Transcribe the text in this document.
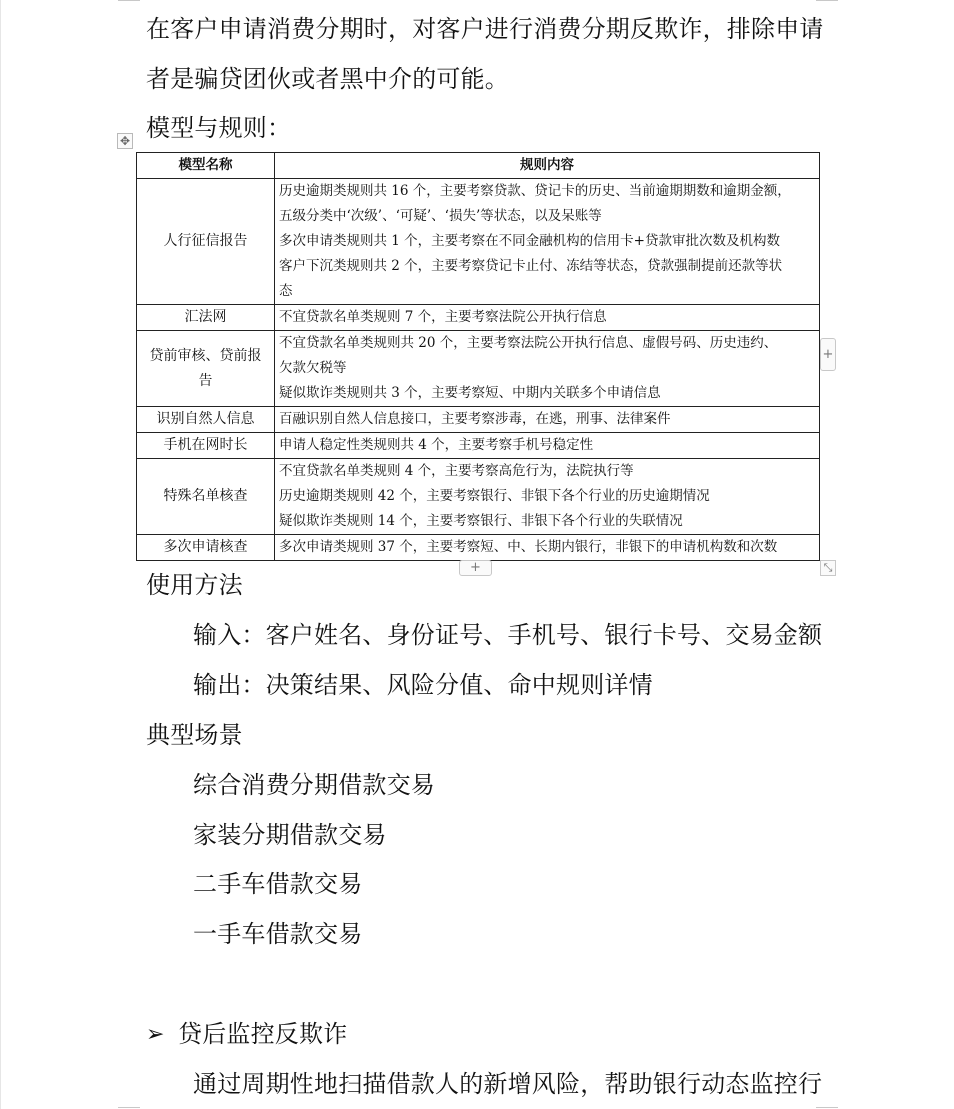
在客户申请消费分期时，对客户进行消费分期反欺诈，排除申请

者是骗贷团伙或者黑中介的可能。

模型与规则：

✥
模型名称	规则内容
人行征信报告	历史逾期类规则共 16 个，主要考察贷款、贷记卡的历史、当前逾期期数和逾期金额，
五级分类中‘次级’、‘可疑’、‘损失’等状态，以及呆账等
多次申请类规则共 1 个，主要考察在不同金融机构的信用卡+贷款审批次数及机构数
客户下沉类规则共 2 个，主要考察贷记卡止付、冻结等状态，贷款强制提前还款等状
态

汇法网	不宜贷款名单类规则 7 个，主要考察法院公开执行信息

贷前审核、贷前报告	不宜贷款名单类规则共 20 个，主要考察法院公开执行信息、虚假号码、历史违约、
欠款欠税等
疑似欺诈类规则共 3 个，主要考察短、中期内关联多个申请信息

识别自然人信息	百融识别自然人信息接口，主要考察涉毒，在逃，刑事、法律案件

手机在网时长	申请人稳定性类规则共 4 个，主要考察手机号稳定性

特殊名单核查	不宜贷款名单类规则 4 个，主要考察高危行为，法院执行等
历史逾期类规则 42 个，主要考察银行、非银下各个行业的历史逾期情况
疑似欺诈类规则 14 个，主要考察银行、非银下各个行业的失联情况

多次申请核查	多次申请类规则 37 个，主要考察短、中、长期内银行，非银下的申请机构数和次数
+
+	⤡

使用方法

输入：客户姓名、身份证号、手机号、银行卡号、交易金额

输出：决策结果、风险分值、命中规则详情

典型场景

综合消费分期借款交易

家装分期借款交易

二手车借款交易

一手车借款交易

➢ 贷后监控反欺诈

通过周期性地扫描借款人的新增风险，帮助银行动态监控行
